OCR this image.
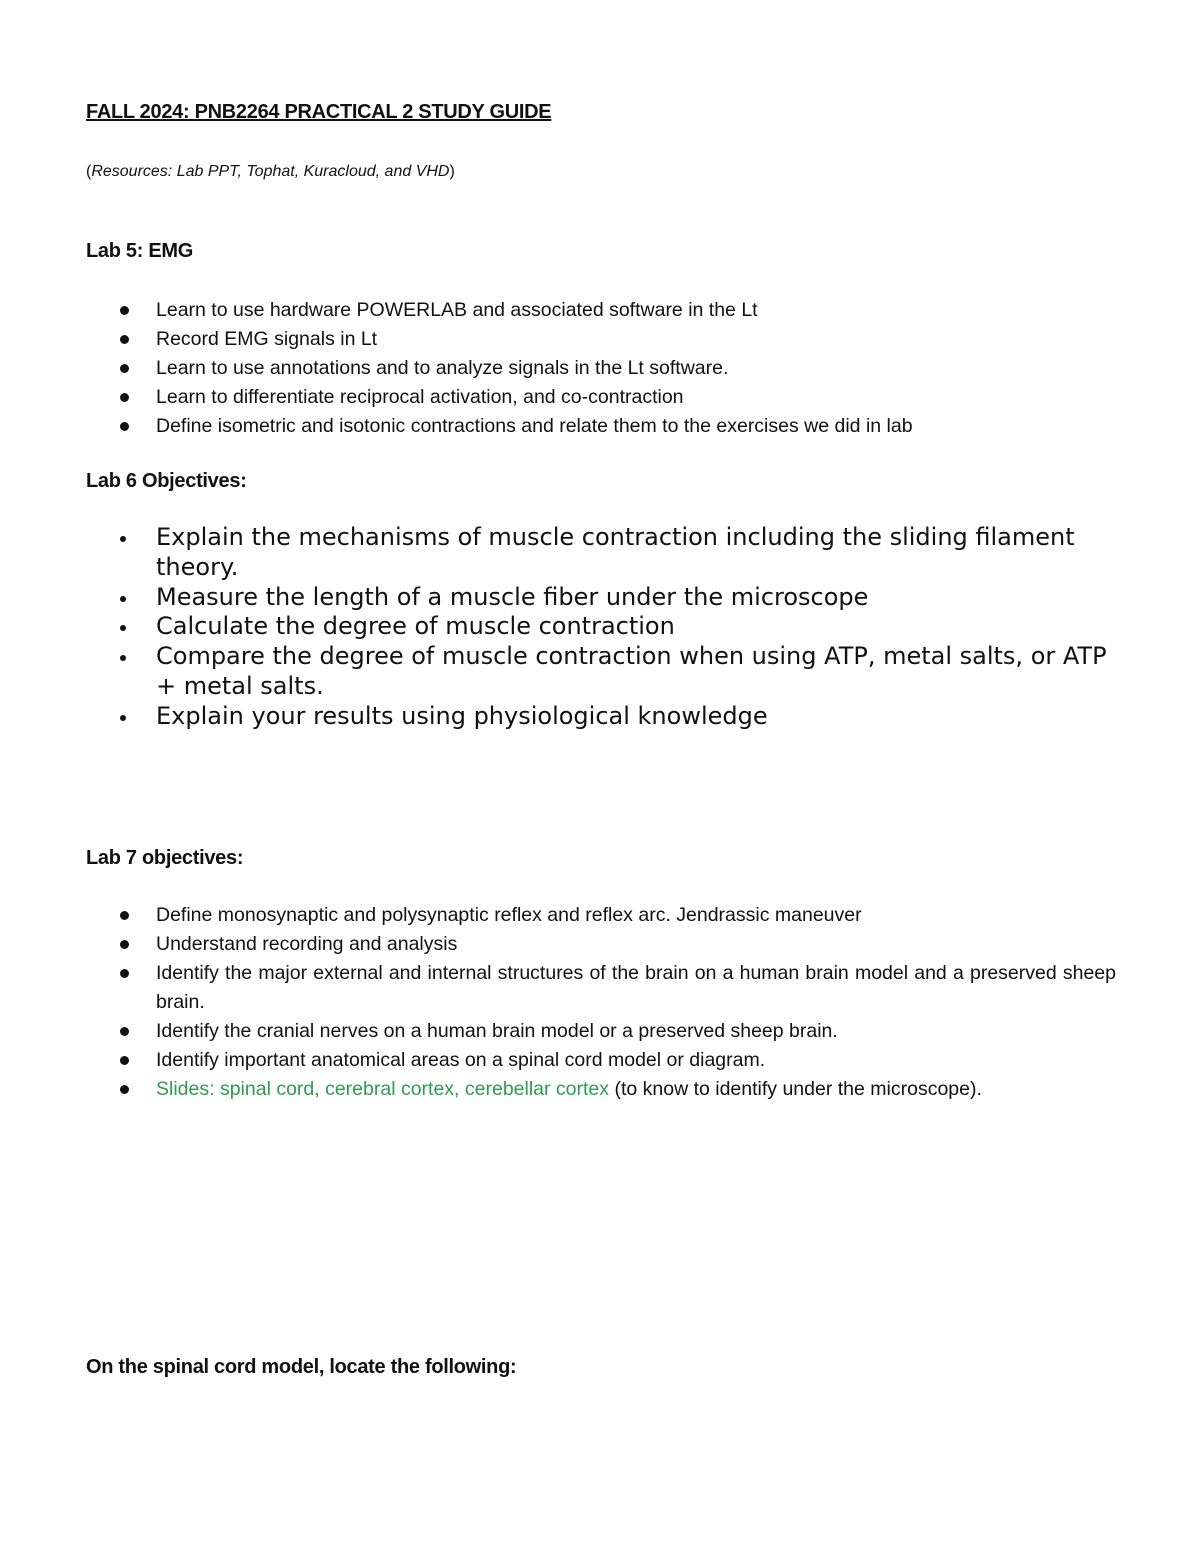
FALL 2024: PNB2264 PRACTICAL 2 STUDY GUIDE
(Resources: Lab PPT, Tophat, Kuracloud, and VHD)
Lab 5: EMG
Learn to use hardware POWERLAB and associated software in the Lt
Record EMG signals in Lt
Learn to use annotations and to analyze signals in the Lt software.
Learn to differentiate reciprocal activation, and co-contraction
Define isometric and isotonic contractions and relate them to the exercises we did in lab
Lab 6 Objectives:
Explain the mechanisms of muscle contraction including the sliding filament theory.
Measure the length of a muscle fiber under the microscope
Calculate the degree of muscle contraction
Compare the degree of muscle contraction when using ATP, metal salts, or ATP + metal salts.
Explain your results using physiological knowledge
Lab 7 objectives:
Define monosynaptic and polysynaptic reflex and reflex arc. Jendrassic maneuver
Understand recording and analysis
Identify the major external and internal structures of the brain on a human brain model and a preserved sheep brain.
Identify the cranial nerves on a human brain model or a preserved sheep brain.
Identify important anatomical areas on a spinal cord model or diagram.
Slides: spinal cord, cerebral cortex, cerebellar cortex (to know to identify under the microscope).
On the spinal cord model, locate the following:
